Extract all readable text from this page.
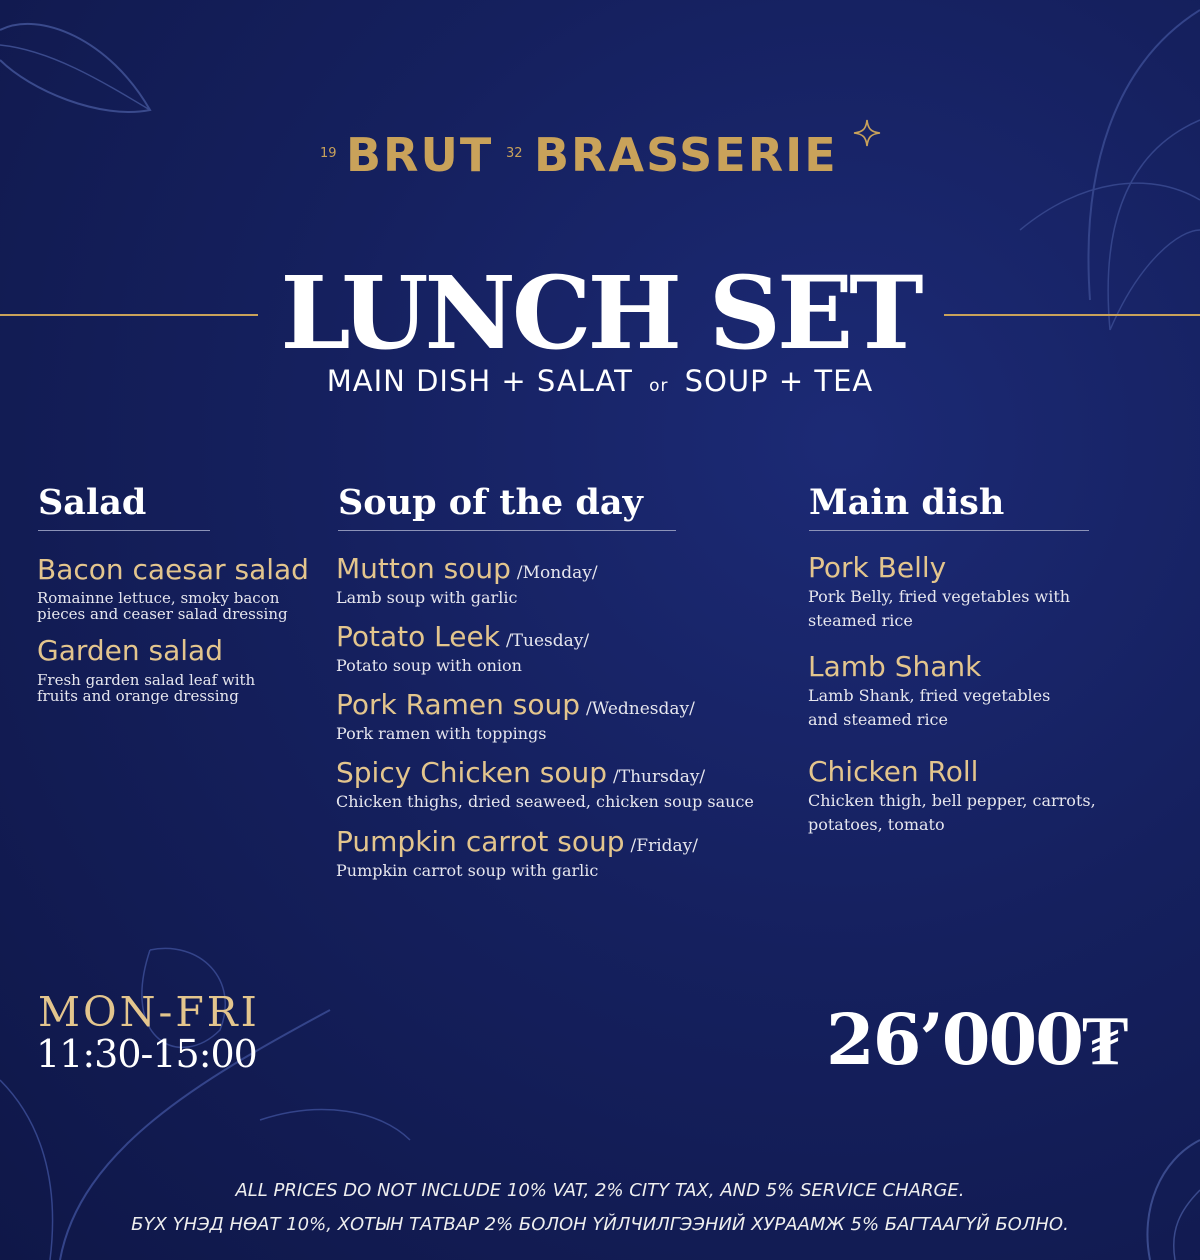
19 BRUT 32 BRASSERIE
LUNCH SET
MAIN DISH + SALAT or SOUP + TEA
Salad
Bacon caesar salad
Romainne lettuce, smoky bacon
pieces and ceaser salad dressing
Garden salad
Fresh garden salad leaf with
fruits and orange dressing
Soup of the day
Mutton soup /Monday/
Lamb soup with garlic
Potato Leek /Tuesday/
Potato soup with onion
Pork Ramen soup /Wednesday/
Pork ramen with toppings
Spicy Chicken soup /Thursday/
Chicken thighs, dried seaweed, chicken soup sauce
Pumpkin carrot soup /Friday/
Pumpkin carrot soup with garlic
Main dish
Pork Belly
Pork Belly, fried vegetables with
steamed rice
Lamb Shank
Lamb Shank, fried vegetables
and steamed rice
Chicken Roll
Chicken thigh, bell pepper, carrots,
potatoes, tomato
MON-FRI
11:30-15:00	26’000₮
ALL PRICES DO NOT INCLUDE 10% VAT, 2% CITY TAX, AND 5% SERVICE CHARGE.
БҮХ ҮНЭД НӨАТ 10%, ХОТЫН ТАТВАР 2% БОЛОН ҮЙЛЧИЛГЭЭНИЙ ХУРААМЖ 5% БАГТААГҮЙ БОЛНО.
